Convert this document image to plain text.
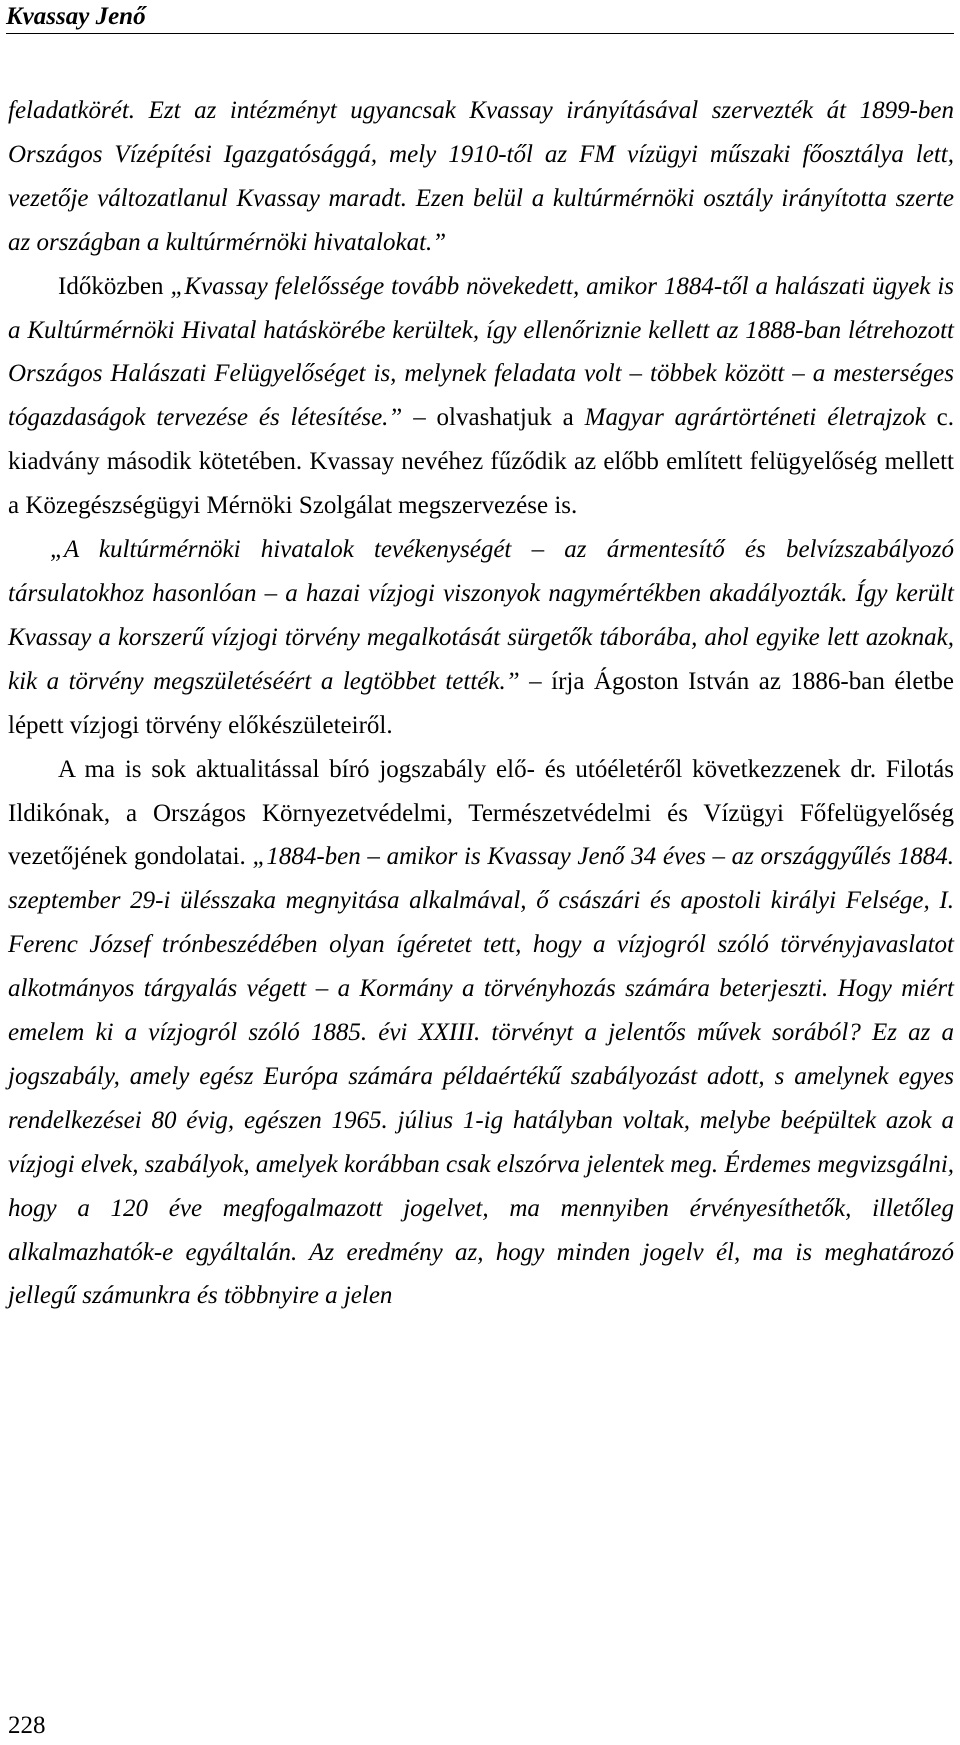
Kvassay Jenő

feladatkörét. Ezt az intézményt ugyancsak Kvassay irányításával szervezték át 1899-ben Országos Vízépítési Igazgatósággá, mely 1910-től az FM vízügyi műszaki főosztálya lett, vezetője változatlanul Kvassay maradt. Ezen belül a kultúrmérnöki osztály irányította szerte az országban a kultúrmérnöki hivatalokat.”

Időközben „Kvassay felelőssége tovább növekedett, amikor 1884-től a halászati ügyek is a Kultúrmérnöki Hivatal hatáskörébe kerültek, így ellenőriznie kellett az 1888-ban létrehozott Országos Halászati Felügyelőséget is, melynek feladata volt – többek között – a mesterséges tógazdaságok tervezése és létesítése.” – olvashatjuk a Magyar agrártörténeti életrajzok c. kiadvány második kötetében. Kvassay nevéhez fűződik az előbb említett felügyelőség mellett a Közegészségügyi Mérnöki Szolgálat megszervezése is.

„A kultúrmérnöki hivatalok tevékenységét – az ármentesítő és belvízszabályozó társulatokhoz hasonlóan – a hazai vízjogi viszonyok nagymértékben akadályozták. Így került Kvassay a korszerű vízjogi törvény megalkotását sürgetők táborába, ahol egyike lett azoknak, kik a törvény megszületéséért a legtöbbet tették.” – írja Ágoston István az 1886-ban életbe lépett vízjogi törvény előkészületeiről.

A ma is sok aktualitással bíró jogszabály elő- és utóéletéről következzenek dr. Filotás Ildikónak, a Országos Környezetvédelmi, Természetvédelmi és Vízügyi Főfelügyelőség vezetőjének gondolatai. „1884-ben – amikor is Kvassay Jenő 34 éves – az országgyűlés 1884. szeptember 29-i ülésszaka megnyitása alkalmával, ő császári és apostoli királyi Felsége, I. Ferenc József trónbeszédében olyan ígéretet tett, hogy a vízjogról szóló törvényjavaslatot alkotmányos tárgyalás végett – a Kormány a törvényhozás számára beterjeszti. Hogy miért emelem ki a vízjogról szóló 1885. évi XXIII. törvényt a jelentős művek sorából? Ez az a jogszabály, amely egész Európa számára példaértékű szabályozást adott, s amelynek egyes rendelkezései 80 évig, egészen 1965. július 1-ig hatályban voltak, melybe beépültek azok a vízjogi elvek, szabályok, amelyek korábban csak elszórva jelentek meg. Érdemes megvizsgálni, hogy a 120 éve megfogalmazott jogelvet, ma mennyiben érvényesíthetők, illetőleg alkalmazhatók-e egyáltalán. Az eredmény az, hogy minden jogelv él, ma is meghatározó jellegű számunkra és többnyire a jelen

228
